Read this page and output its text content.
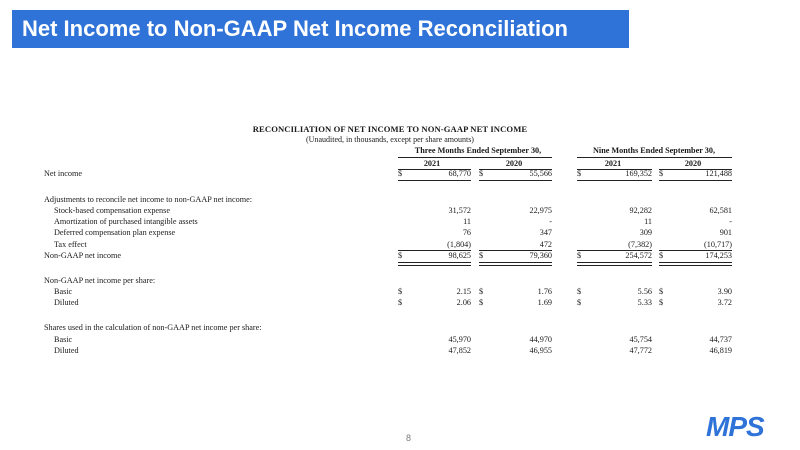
Net Income to Non-GAAP Net Income Reconciliation
RECONCILIATION OF NET INCOME TO NON-GAAP NET INCOME
(Unaudited, in thousands, except per share amounts)
Three Months Ended September 30,	Nine Months Ended September 30,
2021	2020	2021	2020
Net income	$	68,770 $	55,566	$	169,352 $	121,488
Adjustments to reconcile net income to non-GAAP net income:
Stock-based compensation expense	31,572	22,975	92,282	62,581
Amortization of purchased intangible assets	11	-	11	-
Deferred compensation plan expense	76	347	309	901
Tax effect	(1,804)	472	(7,382)	(10,717)
Non-GAAP net income	$	98,625 $	79,360	$	254,572 $	174,253
Non-GAAP net income per share:
Basic	$	2.15 $	1.76	$	5.56 $	3.90
Diluted	$	2.06 $	1.69	$	5.33 $	3.72
Shares used in the calculation of non-GAAP net income per share:
Basic	45,970	44,970	45,754	44,737
Diluted	47,852	46,955	47,772	46,819
8	MPS
